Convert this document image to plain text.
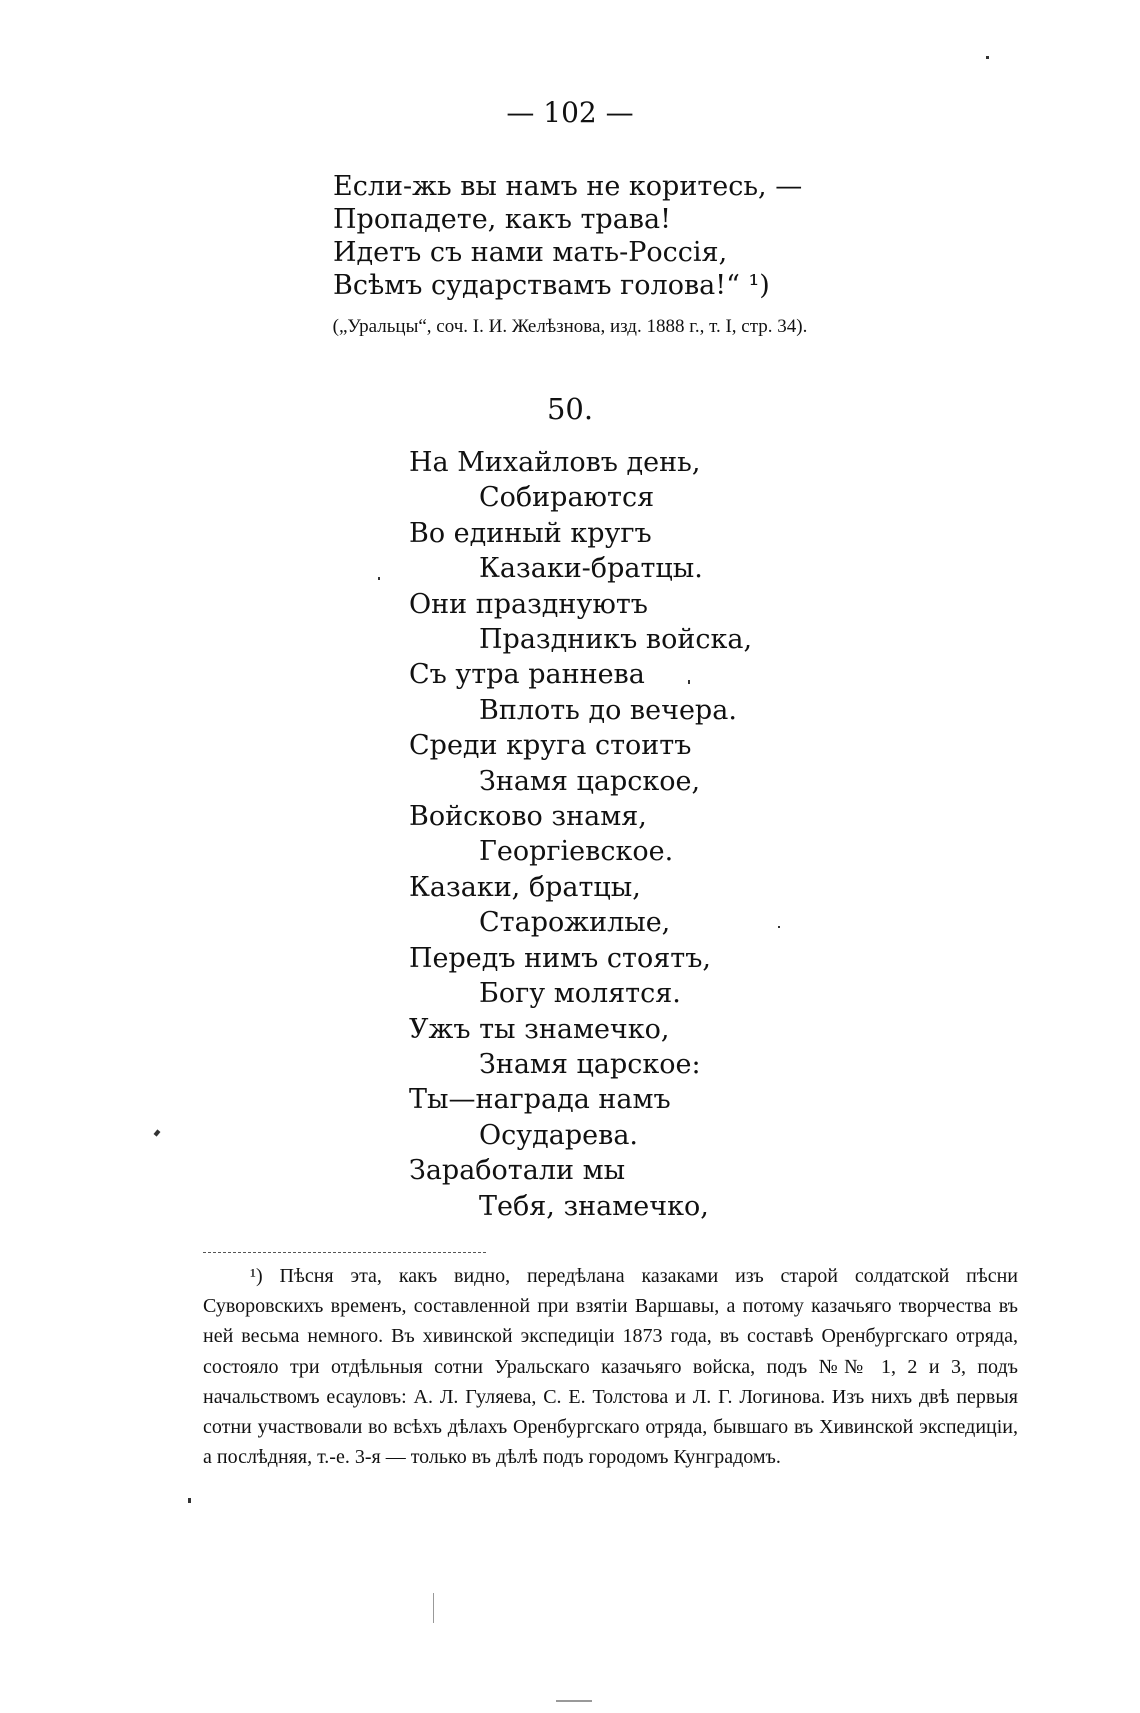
— 102 —
Если-жь вы намъ не коритесь, —
Пропадете, какъ трава!
Идетъ съ нами мать-Россія,
Всѣмъ сударствамъ голова!“ ¹)
(„Уральцы“, соч. І. И. Желѣзнова, изд. 1888 г., т. І, стр. 34).
50.
На Михайловъ день,
Собираются
Во единый кругъ
Казаки-братцы.
Они празднуютъ
Праздникъ войска,
Съ утра раннева
Вплоть до вечера.
Среди круга стоитъ
Знамя царское,
Войсково знамя,
Георгіевское.
Казаки, братцы,
Старожилые,
Передъ нимъ стоятъ,
Богу молятся.
Ужъ ты знамечко,
Знамя царское:
Ты—награда намъ
Осударева.
Заработали мы
Тебя, знамечко,
¹) Пѣсня эта, какъ видно, передѣлана казаками изъ старой солдатской пѣсни Суворовскихъ временъ, составленной при взятіи Варшавы, а потому казачьяго творчества въ ней весьма немного. Въ хивинской экспедиціи 1873 года, въ составѣ Оренбургскаго отряда, состояло три отдѣльныя сотни Уральскаго казачьяго войска, подъ №№ 1, 2 и 3, подъ начальствомъ есауловъ: А. Л. Гуляева, С. Е. Толстова и Л. Г. Логинова. Изъ нихъ двѣ первыя сотни участвовали во всѣхъ дѣлахъ Оренбургскаго отряда, бывшаго въ Хивинской экспедиціи, а послѣдняя, т.-е. 3-я — только въ дѣлѣ подъ городомъ Кунградомъ.
